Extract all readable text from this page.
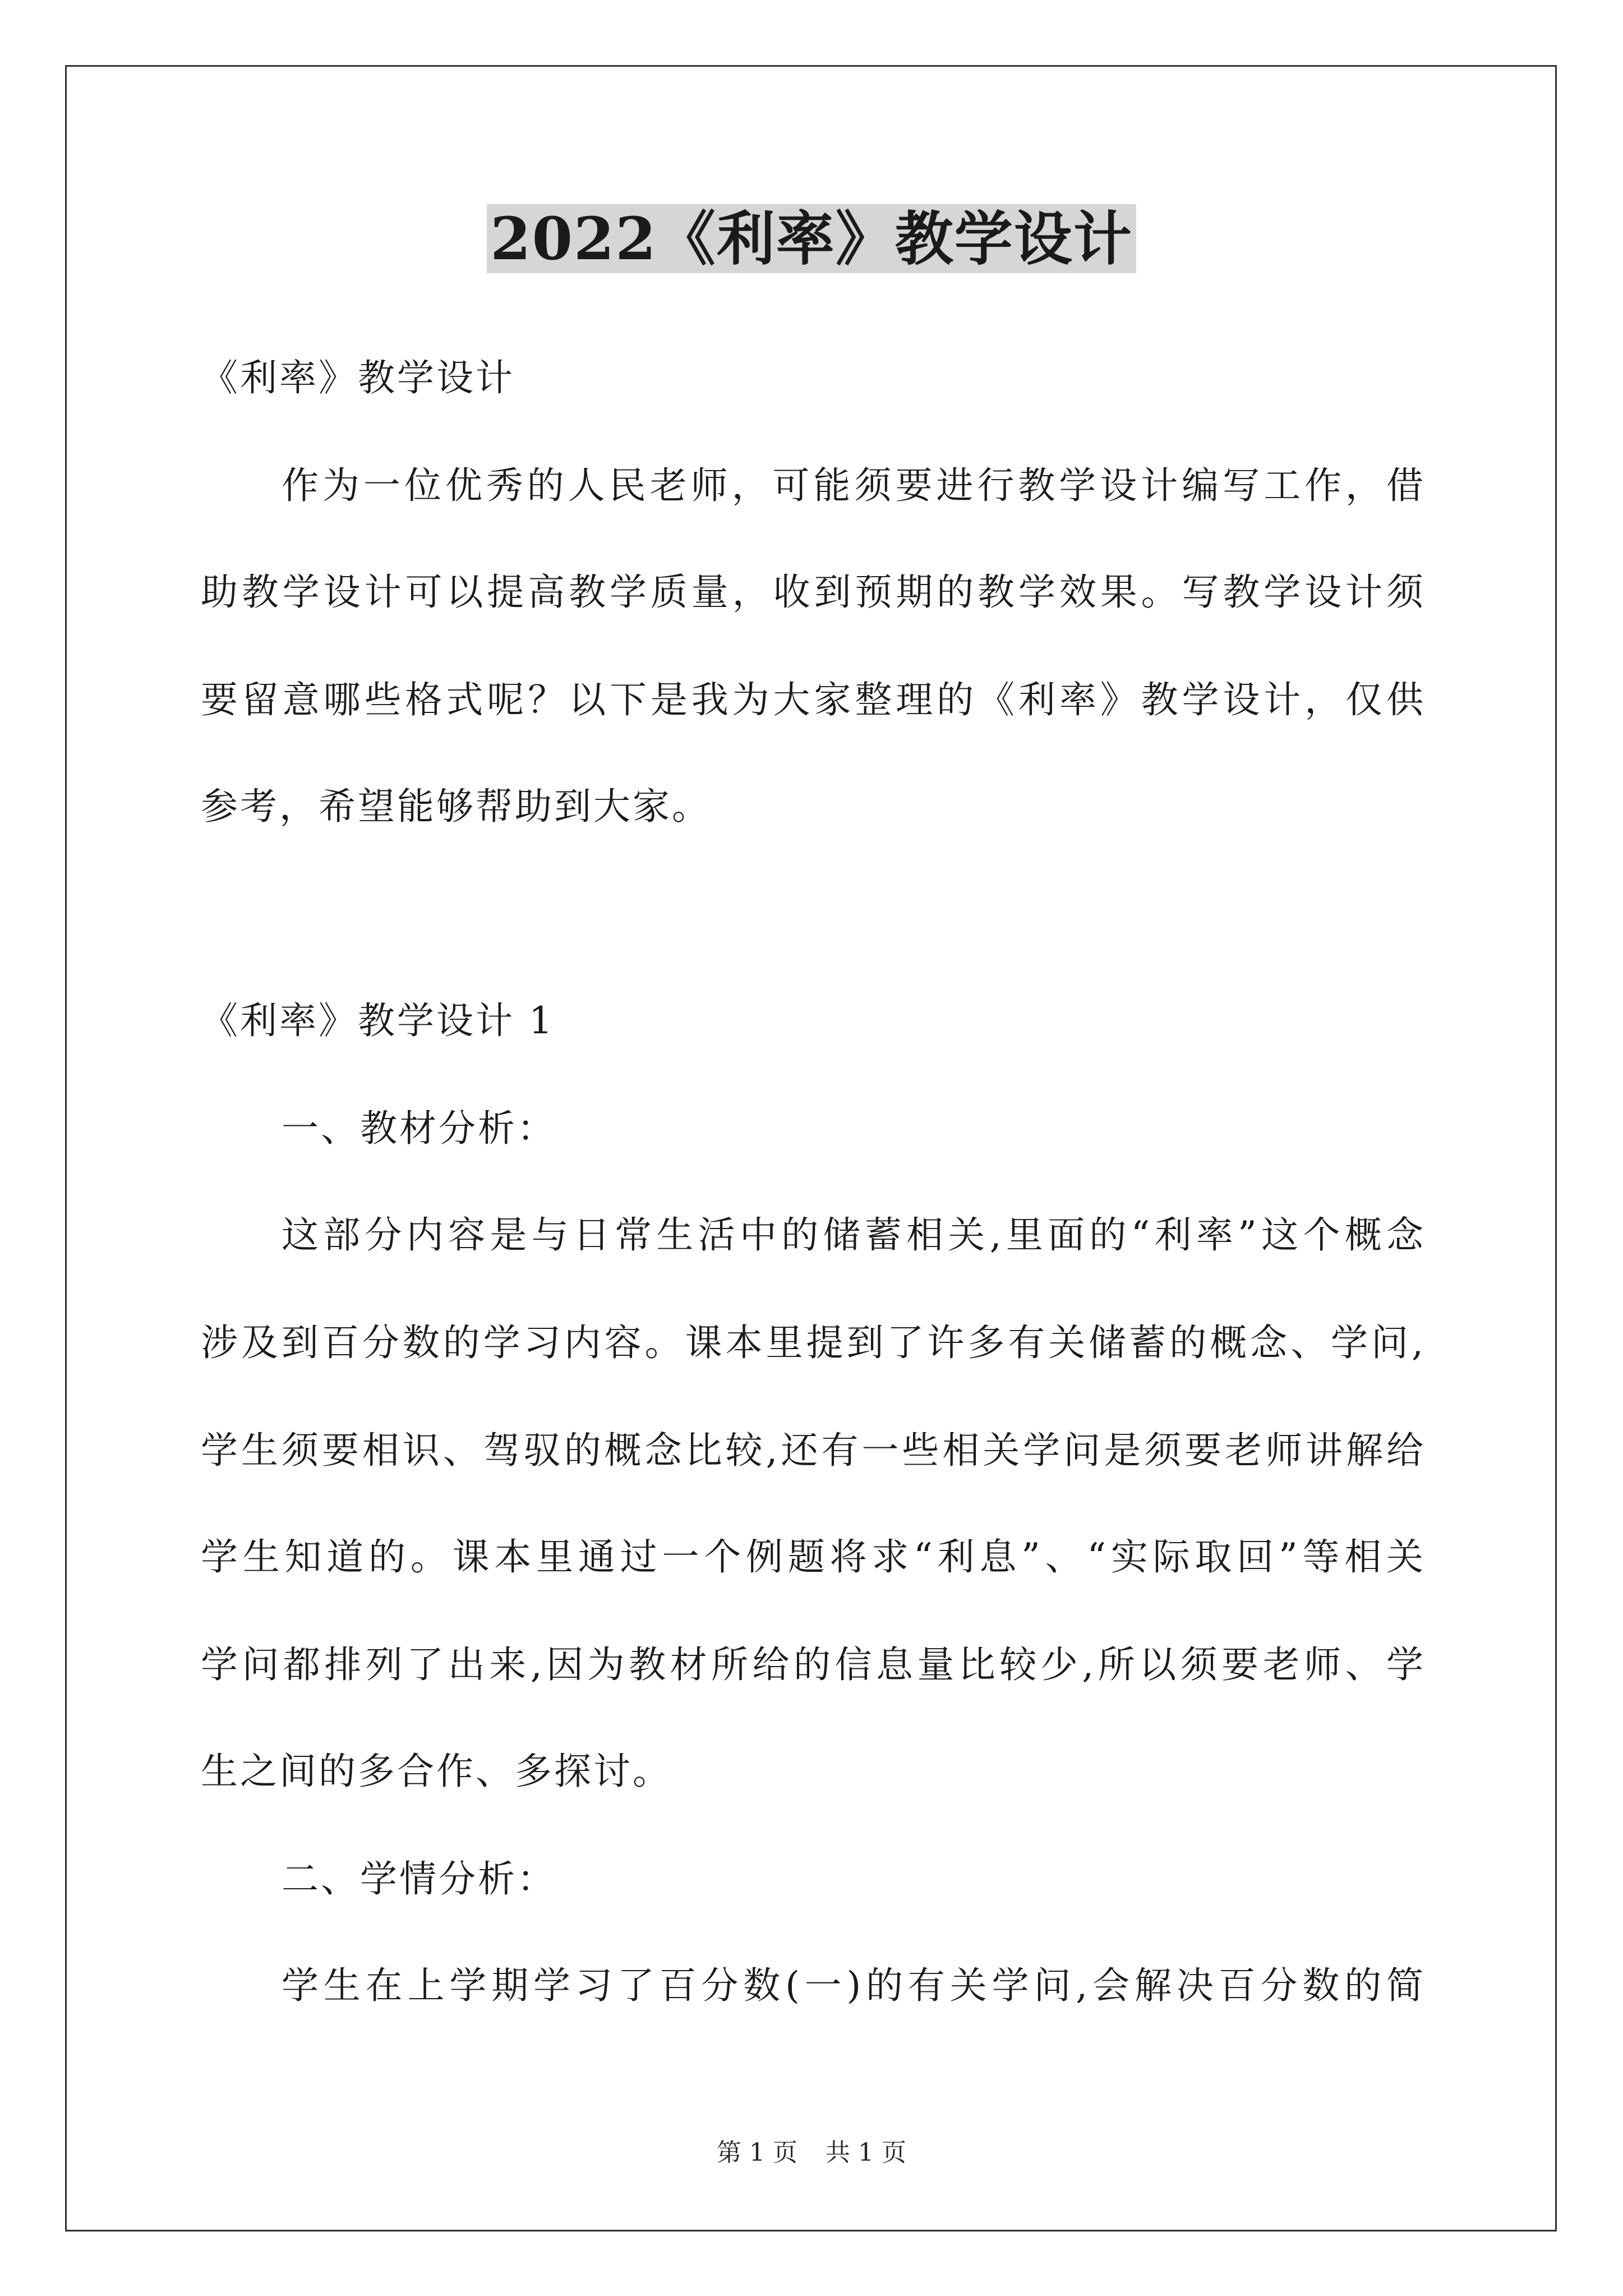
2022《利率》教学设计
《利率》教学设计
作为一位优秀的人民老师，可能须要进行教学设计编写工作，借
助教学设计可以提高教学质量，收到预期的教学效果。写教学设计须
要留意哪些格式呢？以下是我为大家整理的《利率》教学设计，仅供
参考，希望能够帮助到大家。
《利率》教学设计 1
一、教材分析：
这部分内容是与日常生活中的储蓄相关,里面的“利率”这个概念
涉及到百分数的学习内容。课本里提到了许多有关储蓄的概念、学问,
学生须要相识、驾驭的概念比较,还有一些相关学问是须要老师讲解给
学生知道的。课本里通过一个例题将求“利息”、“实际取回”等相关
学问都排列了出来,因为教材所给的信息量比较少,所以须要老师、学
生之间的多合作、多探讨。
二、学情分析：
学生在上学期学习了百分数(一)的有关学问,会解决百分数的简
第 1 页 共 1 页
